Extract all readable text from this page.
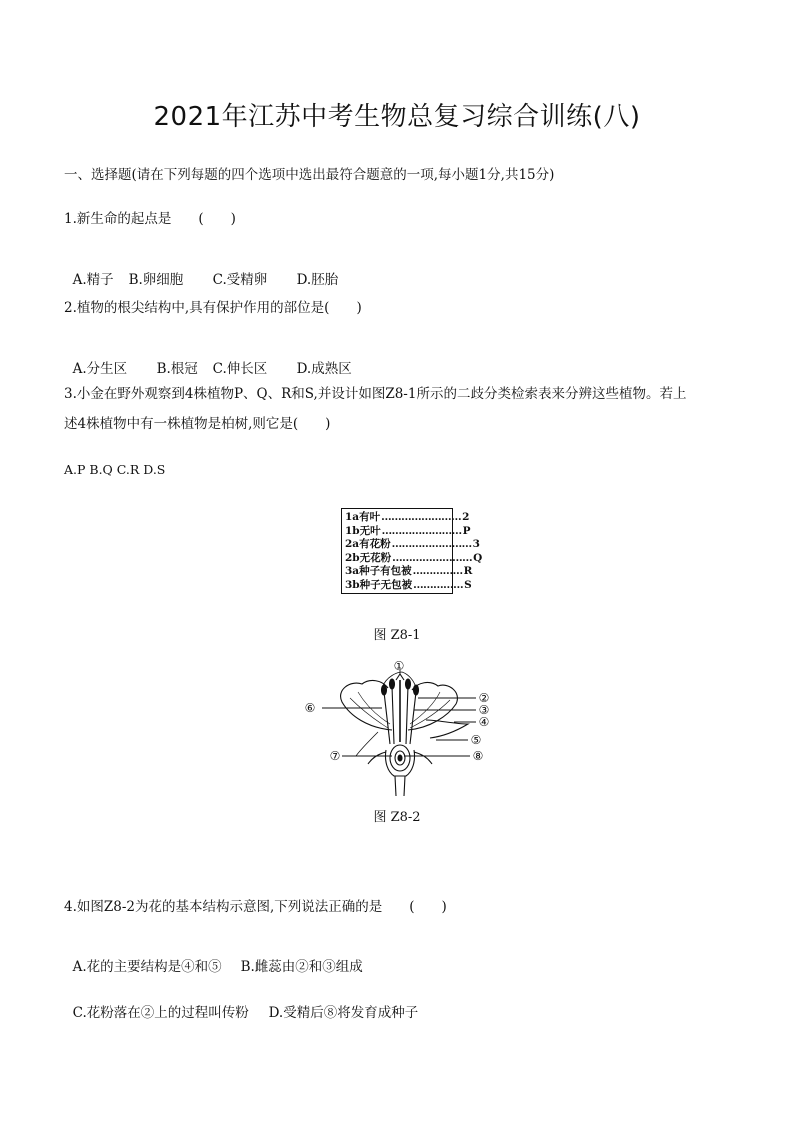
2021年江苏中考生物总复习综合训练(八)
一、选择题(请在下列每题的四个选项中选出最符合题意的一项,每小题1分,共15分)
1.新生命的起点是　　(　　)

A.精子 B.卵细胞 C.受精卵 D.胚胎

2.植物的根尖结构中,具有保护作用的部位是(　　)

A.分生区 B.根冠 C.伸长区 D.成熟区

3.小金在野外观察到4株植物P、Q、R和S,并设计如图Z8-1所示的二歧分类检索表来分辨这些植物。若上
述4株植物中有一株植物是柏树,则它是(　　)
A.P B.Q C.R D.S
1a有叶 …………………… 2
1b无叶 …………………… P
2a有花粉 …………………… 3
2b无花粉 …………………… Q
3a种子有包被 …………… R
3b种子无包被 …………… S
图 Z8-1
①
②
③
④
⑤
⑥
⑦	⑧
图 Z8-2
4.如图Z8-2为花的基本结构示意图,下列说法正确的是　　(　　)

A.花的主要结构是④和⑤ B.雌蕊由②和③组成

C.花粉落在②上的过程叫传粉 D.受精后⑧将发育成种子
